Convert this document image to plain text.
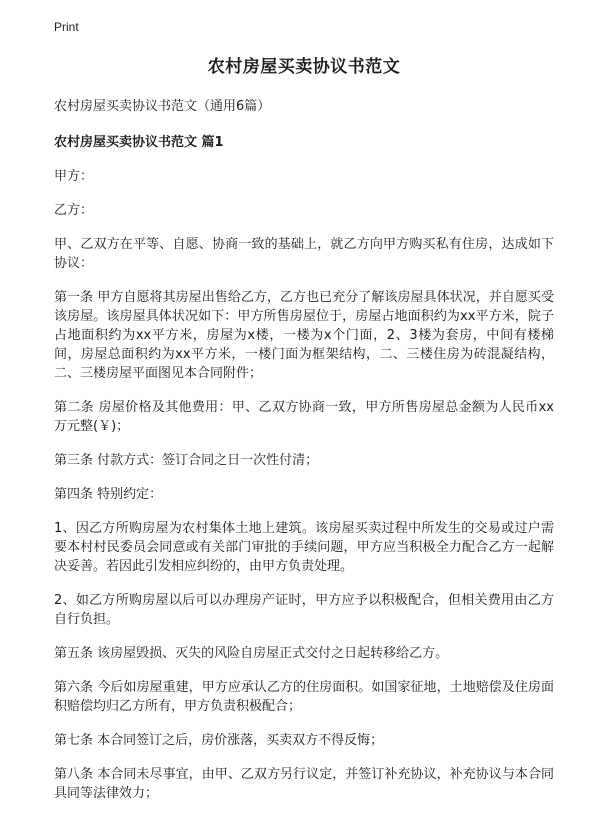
Print
农村房屋买卖协议书范文
农村房屋买卖协议书范文（通用6篇）
农村房屋买卖协议书范文 篇1

甲方：

乙方：

甲、乙双方在平等、自愿、协商一致的基础上，就乙方向甲方购买私有住房，达成如下协议：

第一条 甲方自愿将其房屋出售给乙方，乙方也已充分了解该房屋具体状况，并自愿买受该房屋。该房屋具体状况如下：甲方所售房屋位于，房屋占地面积约为xx平方米，院子占地面积约为xx平方米，房屋为x楼，一楼为x个门面，2、3楼为套房，中间有楼梯间，房屋总面积约为xx平方米，一楼门面为框架结构，二、三楼住房为砖混凝结构，二、三楼房屋平面图见本合同附件；

第二条 房屋价格及其他费用：甲、乙双方协商一致，甲方所售房屋总金额为人民币xx万元整(￥)；

第三条 付款方式：签订合同之日一次性付清；

第四条 特别约定：

1、因乙方所购房屋为农村集体土地上建筑。该房屋买卖过程中所发生的交易或过户需要本村村民委员会同意或有关部门审批的手续问题，甲方应当积极全力配合乙方一起解决妥善。若因此引发相应纠纷的，由甲方负责处理。

2、如乙方所购房屋以后可以办理房产证时，甲方应予以积极配合，但相关费用由乙方自行负担。

第五条 该房屋毁损、灭失的风险自房屋正式交付之日起转移给乙方。

第六条 今后如房屋重建，甲方应承认乙方的住房面积。如国家征地，土地赔偿及住房面积赔偿均归乙方所有，甲方负责积极配合；

第七条 本合同签订之后，房价涨落，买卖双方不得反悔；

第八条 本合同未尽事宜，由甲、乙双方另行议定，并签订补充协议，补充协议与本合同具同等法律效力；
